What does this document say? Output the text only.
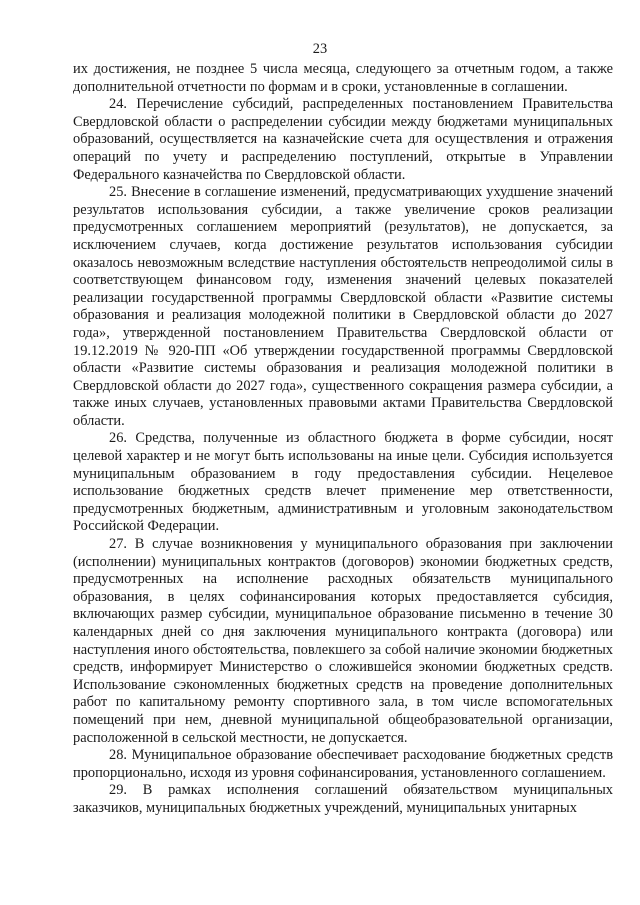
23

их достижения, не позднее 5 числа месяца, следующего за отчетным годом, а также дополнительной отчетности по формам и в сроки, установленные в соглашении.

24. Перечисление субсидий, распределенных постановлением Правительства Свердловской области о распределении субсидии между бюджетами муниципальных образований, осуществляется на казначейские счета для осуществления и отражения операций по учету и распределению поступлений, открытые в Управлении Федерального казначейства по Свердловской области.

25. Внесение в соглашение изменений, предусматривающих ухудшение значений результатов использования субсидии, а также увеличение сроков реализации предусмотренных соглашением мероприятий (результатов), не допускается, за исключением случаев, когда достижение результатов использования субсидии оказалось невозможным вследствие наступления обстоятельств непреодолимой силы в соответствующем финансовом году, изменения значений целевых показателей реализации государственной программы Свердловской области «Развитие системы образования и реализация молодежной политики в Свердловской области до 2027 года», утвержденной постановлением Правительства Свердловской области от 19.12.2019 № 920-ПП «Об утверждении государственной программы Свердловской области «Развитие системы образования и реализация молодежной политики в Свердловской области до 2027 года», существенного сокращения размера субсидии, а также иных случаев, установленных правовыми актами Правительства Свердловской области.

26. Средства, полученные из областного бюджета в форме субсидии, носят целевой характер и не могут быть использованы на иные цели. Субсидия используется муниципальным образованием в году предоставления субсидии. Нецелевое использование бюджетных средств влечет применение мер ответственности, предусмотренных бюджетным, административным и уголовным законодательством Российской Федерации.

27. В случае возникновения у муниципального образования при заключении (исполнении) муниципальных контрактов (договоров) экономии бюджетных средств, предусмотренных на исполнение расходных обязательств муниципального образования, в целях софинансирования которых предоставляется субсидия, включающих размер субсидии, муниципальное образование письменно в течение 30 календарных дней со дня заключения муниципального контракта (договора) или наступления иного обстоятельства, повлекшего за собой наличие экономии бюджетных средств, информирует Министерство о сложившейся экономии бюджетных средств. Использование сэкономленных бюджетных средств на проведение дополнительных работ по капитальному ремонту спортивного зала, в том числе вспомогательных помещений при нем, дневной муниципальной общеобразовательной организации, расположенной в сельской местности, не допускается.

28. Муниципальное образование обеспечивает расходование бюджетных средств пропорционально, исходя из уровня софинансирования, установленного соглашением.

29. В рамках исполнения соглашений обязательством муниципальных заказчиков, муниципальных бюджетных учреждений, муниципальных унитарных
